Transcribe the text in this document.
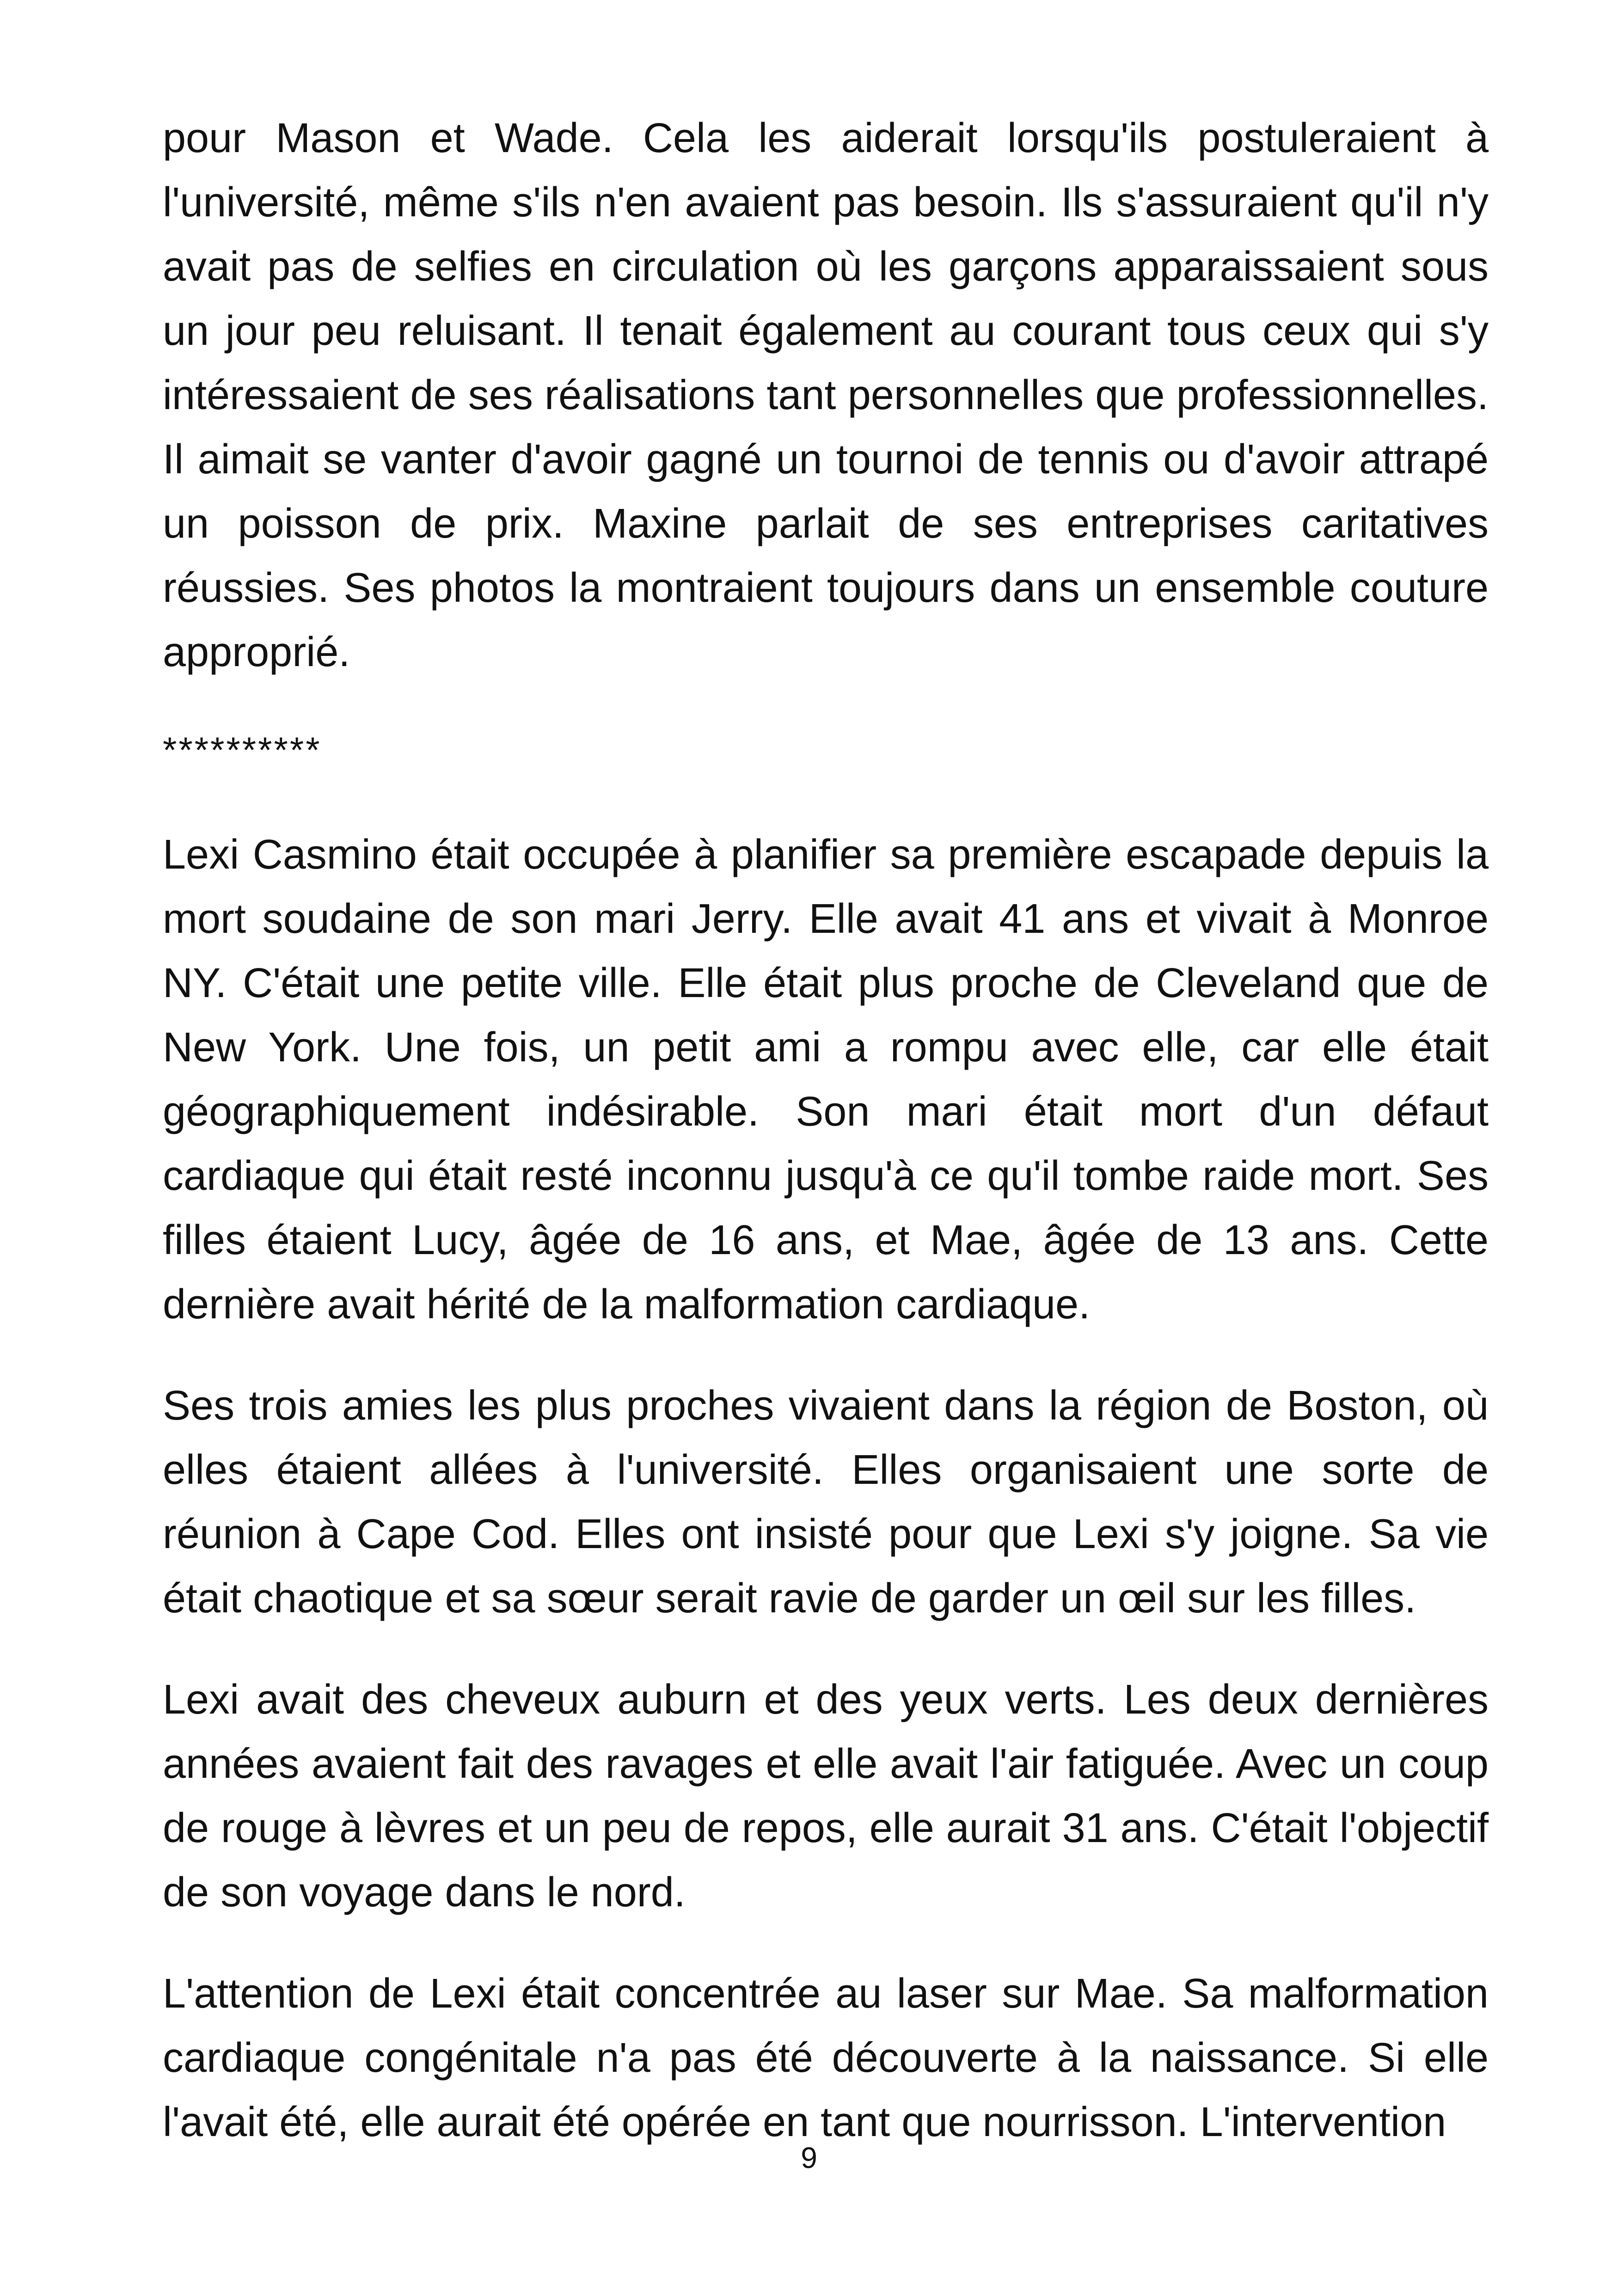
pour Mason et Wade. Cela les aiderait lorsqu'ils postuleraient à l'université, même s'ils n'en avaient pas besoin. Ils s'assuraient qu'il n'y avait pas de selfies en circulation où les garçons apparaissaient sous un jour peu reluisant. Il tenait également au courant tous ceux qui s'y intéressaient de ses réalisations tant personnelles que professionnelles. Il aimait se vanter d'avoir gagné un tournoi de tennis ou d'avoir attrapé un poisson de prix. Maxine parlait de ses entreprises caritatives réussies. Ses photos la montraient toujours dans un ensemble couture approprié.

**********

Lexi Casmino était occupée à planifier sa première escapade depuis la mort soudaine de son mari Jerry. Elle avait 41 ans et vivait à Monroe NY. C'était une petite ville. Elle était plus proche de Cleveland que de New York. Une fois, un petit ami a rompu avec elle, car elle était géographiquement indésirable. Son mari était mort d'un défaut cardiaque qui était resté inconnu jusqu'à ce qu'il tombe raide mort. Ses filles étaient Lucy, âgée de 16 ans, et Mae, âgée de 13 ans. Cette dernière avait hérité de la malformation cardiaque.

Ses trois amies les plus proches vivaient dans la région de Boston, où elles étaient allées à l'université. Elles organisaient une sorte de réunion à Cape Cod. Elles ont insisté pour que Lexi s'y joigne. Sa vie était chaotique et sa sœur serait ravie de garder un œil sur les filles.

Lexi avait des cheveux auburn et des yeux verts. Les deux dernières années avaient fait des ravages et elle avait l'air fatiguée. Avec un coup de rouge à lèvres et un peu de repos, elle aurait 31 ans. C'était l'objectif de son voyage dans le nord.

L'attention de Lexi était concentrée au laser sur Mae. Sa malformation cardiaque congénitale n'a pas été découverte à la naissance. Si elle l'avait été, elle aurait été opérée en tant que nourrisson. L'intervention

9
